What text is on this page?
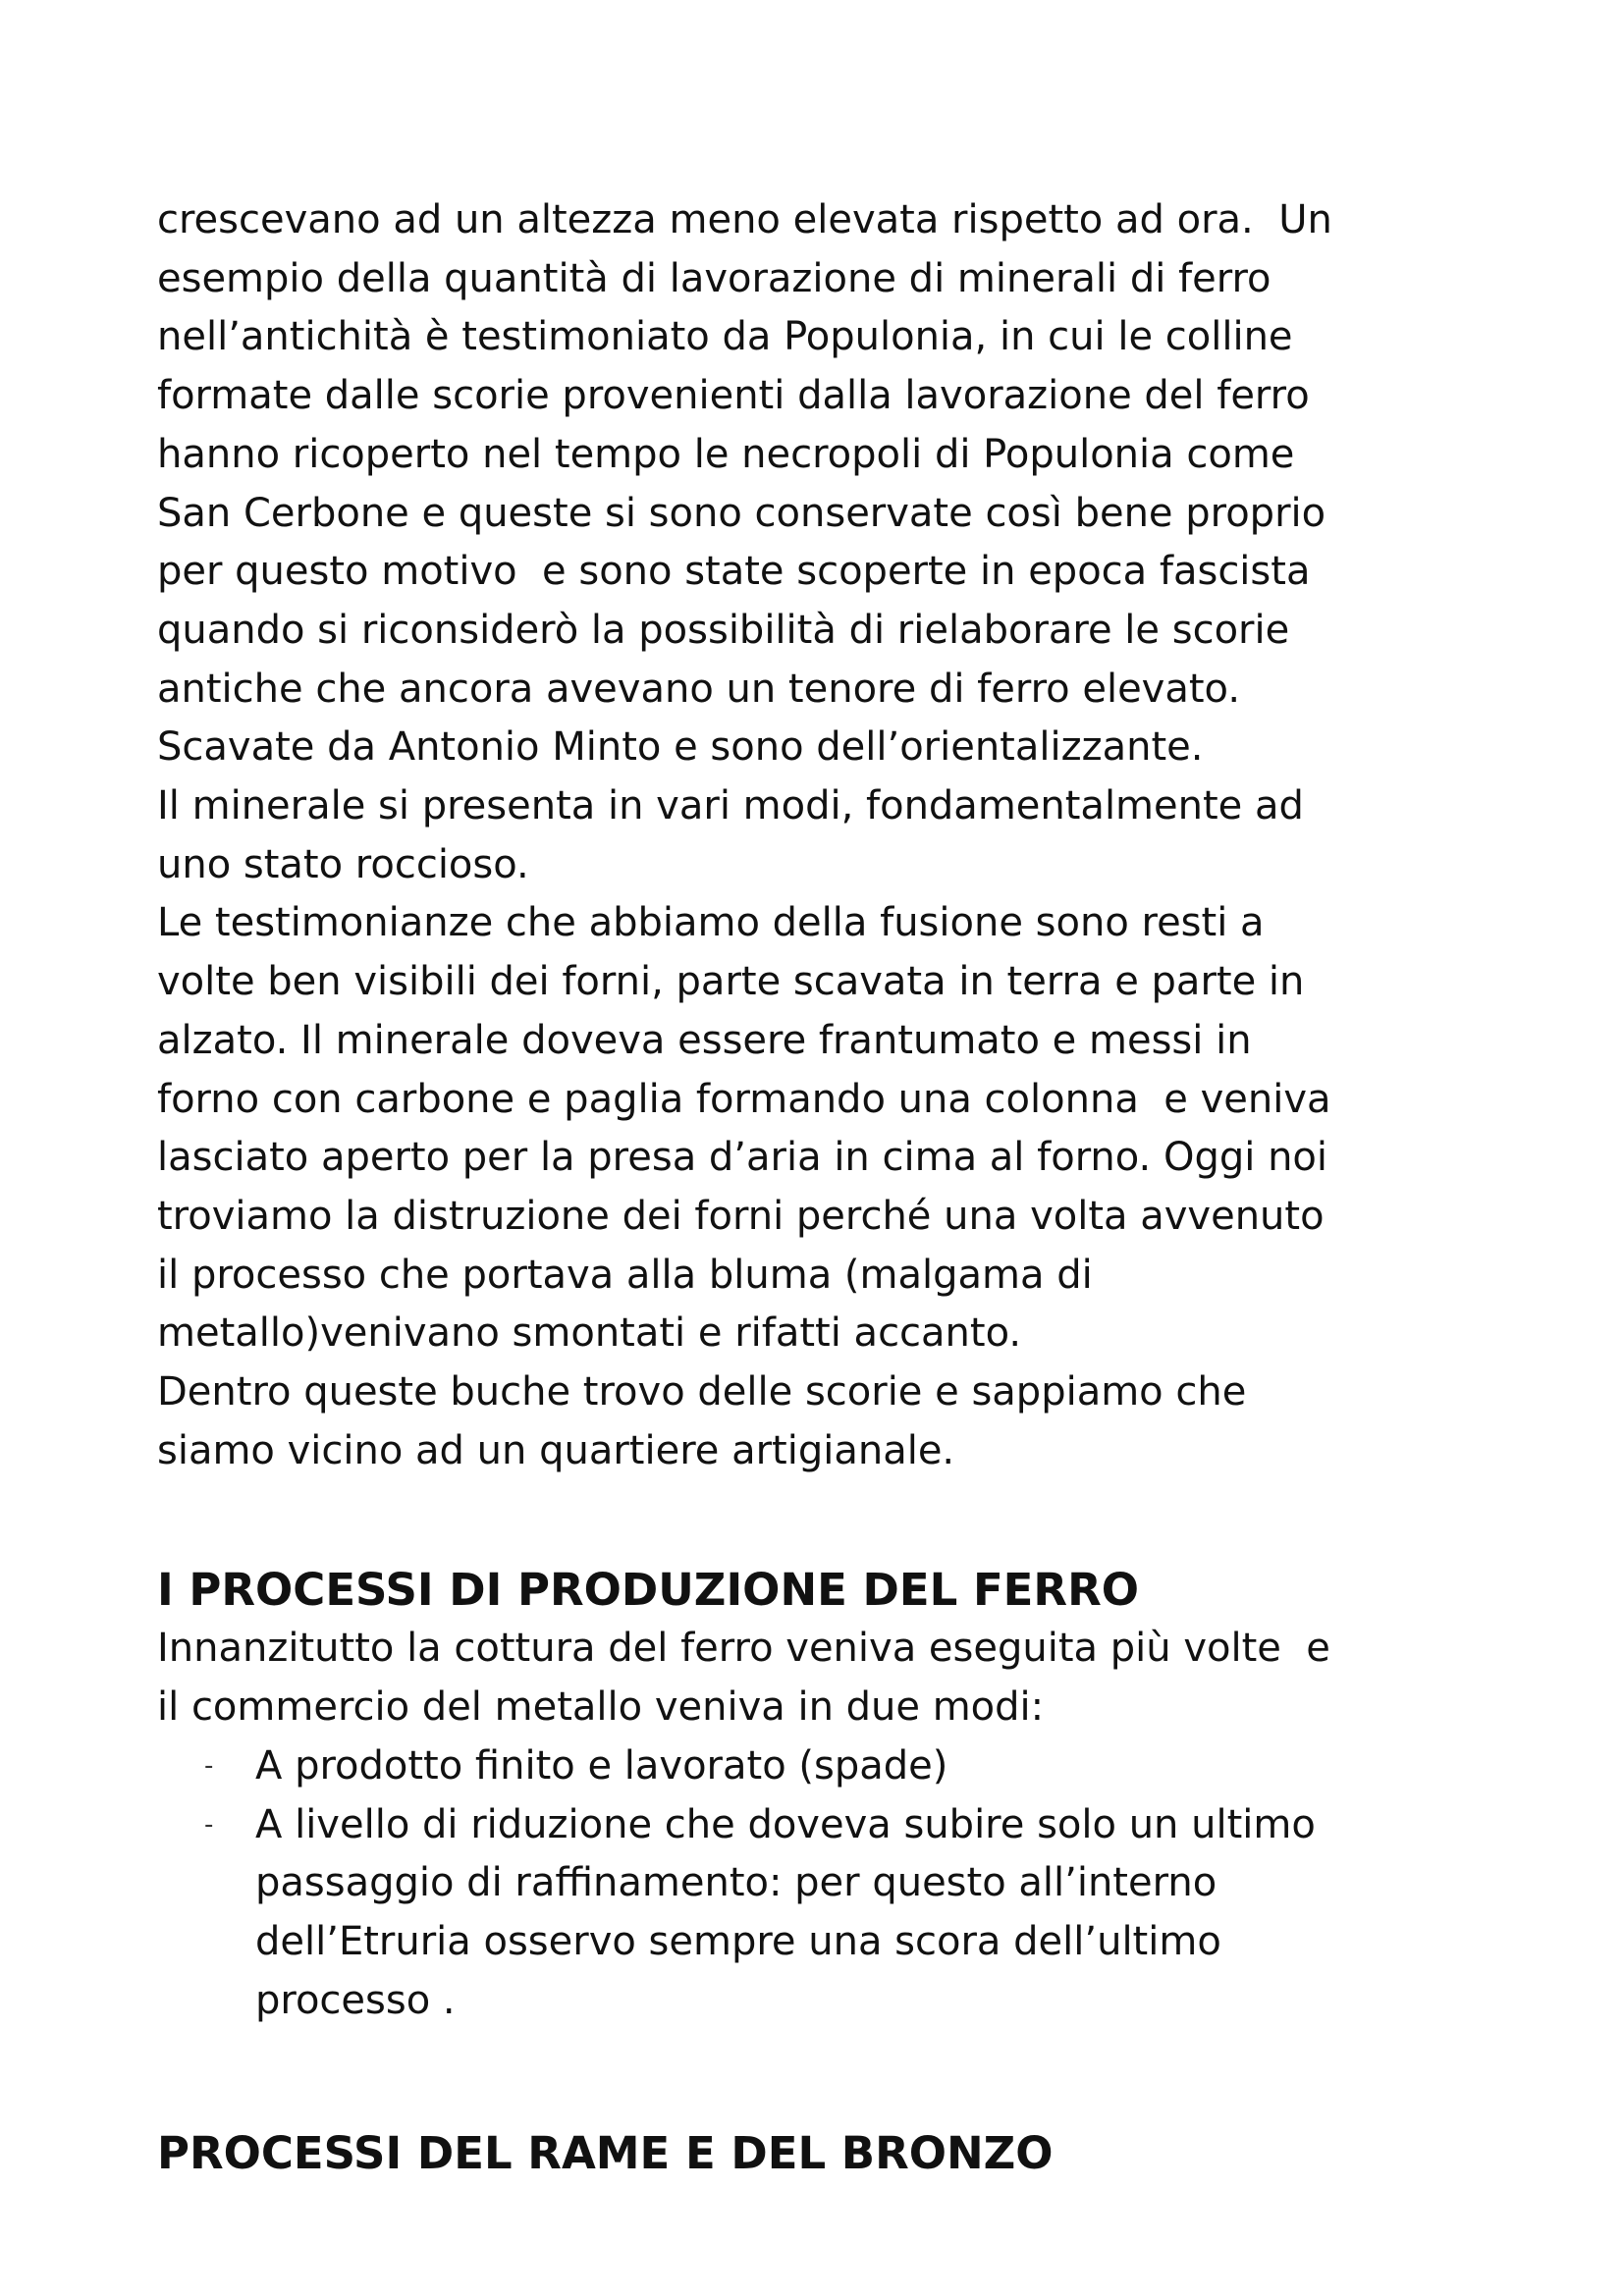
crescevano ad un altezza meno elevata rispetto ad ora.  Un
esempio della quantità di lavorazione di minerali di ferro
nell’antichità è testimoniato da Populonia, in cui le colline
formate dalle scorie provenienti dalla lavorazione del ferro
hanno ricoperto nel tempo le necropoli di Populonia come
San Cerbone e queste si sono conservate così bene proprio
per questo motivo  e sono state scoperte in epoca fascista
quando si riconsiderò la possibilità di rielaborare le scorie
antiche che ancora avevano un tenore di ferro elevato.
Scavate da Antonio Minto e sono dell’orientalizzante.
Il minerale si presenta in vari modi, fondamentalmente ad
uno stato roccioso.
Le testimonianze che abbiamo della fusione sono resti a
volte ben visibili dei forni, parte scavata in terra e parte in
alzato. Il minerale doveva essere frantumato e messi in
forno con carbone e paglia formando una colonna  e veniva
lasciato aperto per la presa d’aria in cima al forno. Oggi noi
troviamo la distruzione dei forni perché una volta avvenuto
il processo che portava alla bluma (malgama di
metallo)venivano smontati e rifatti accanto.
Dentro queste buche trovo delle scorie e sappiamo che
siamo vicino ad un quartiere artigianale.

I PROCESSI DI PRODUZIONE DEL FERRO

Innanzitutto la cottura del ferro veniva eseguita più volte  e
il commercio del metallo veniva in due modi:

- A prodotto finito e lavorato (spade)
- A livello di riduzione che doveva subire solo un ultimo
passaggio di raffinamento: per questo all’interno
dell’Etruria osservo sempre una scora dell’ultimo
processo .
PROCESSI DEL RAME E DEL BRONZO
